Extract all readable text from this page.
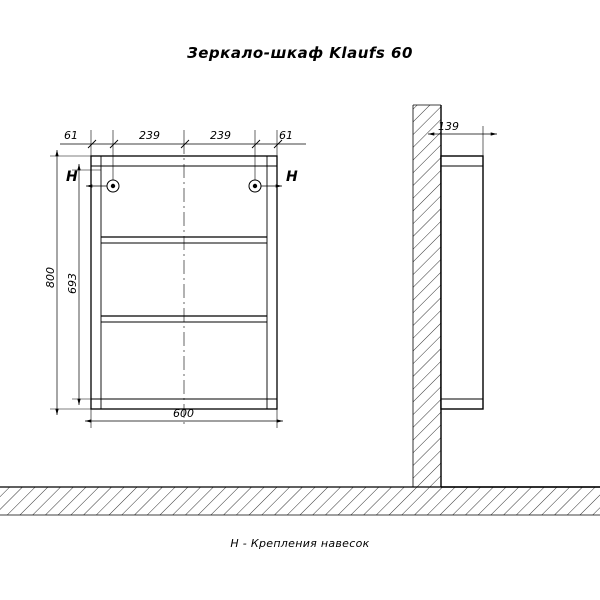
Зеркало-шкаф Klaufs 60
139
Н	Н
61	239	239	61
800 693
600
Н - Крепления навесок
